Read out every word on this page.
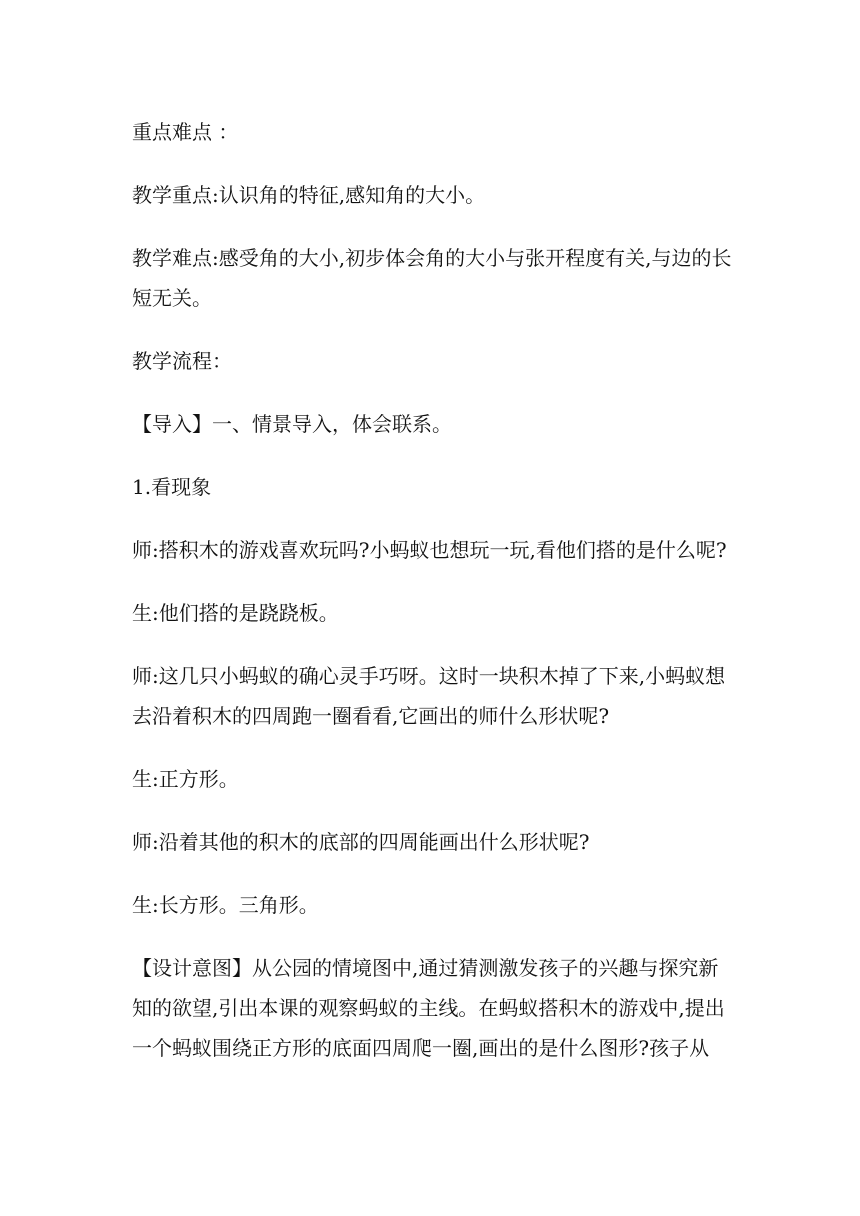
重点难点 ：

教学重点:认识角的特征,感知角的大小。

教学难点:感受角的大小,初步体会角的大小与张开程度有关,与边的长短无关。

教学流程：

【导入】一、情景导入，体会联系。

1.看现象

师:搭积木的游戏喜欢玩吗?小蚂蚁也想玩一玩,看他们搭的是什么呢?

生:他们搭的是跷跷板。

师:这几只小蚂蚁的确心灵手巧呀。这时一块积木掉了下来,小蚂蚁想去沿着积木的四周跑一圈看看,它画出的师什么形状呢?

生:正方形。

师:沿着其他的积木的底部的四周能画出什么形状呢?

生:长方形。三角形。

【设计意图】从公园的情境图中,通过猜测激发孩子的兴趣与探究新知的欲望,引出本课的观察蚂蚁的主线。在蚂蚁搭积木的游戏中,提出一个蚂蚁围绕正方形的底面四周爬一圈,画出的是什么图形?孩子从
